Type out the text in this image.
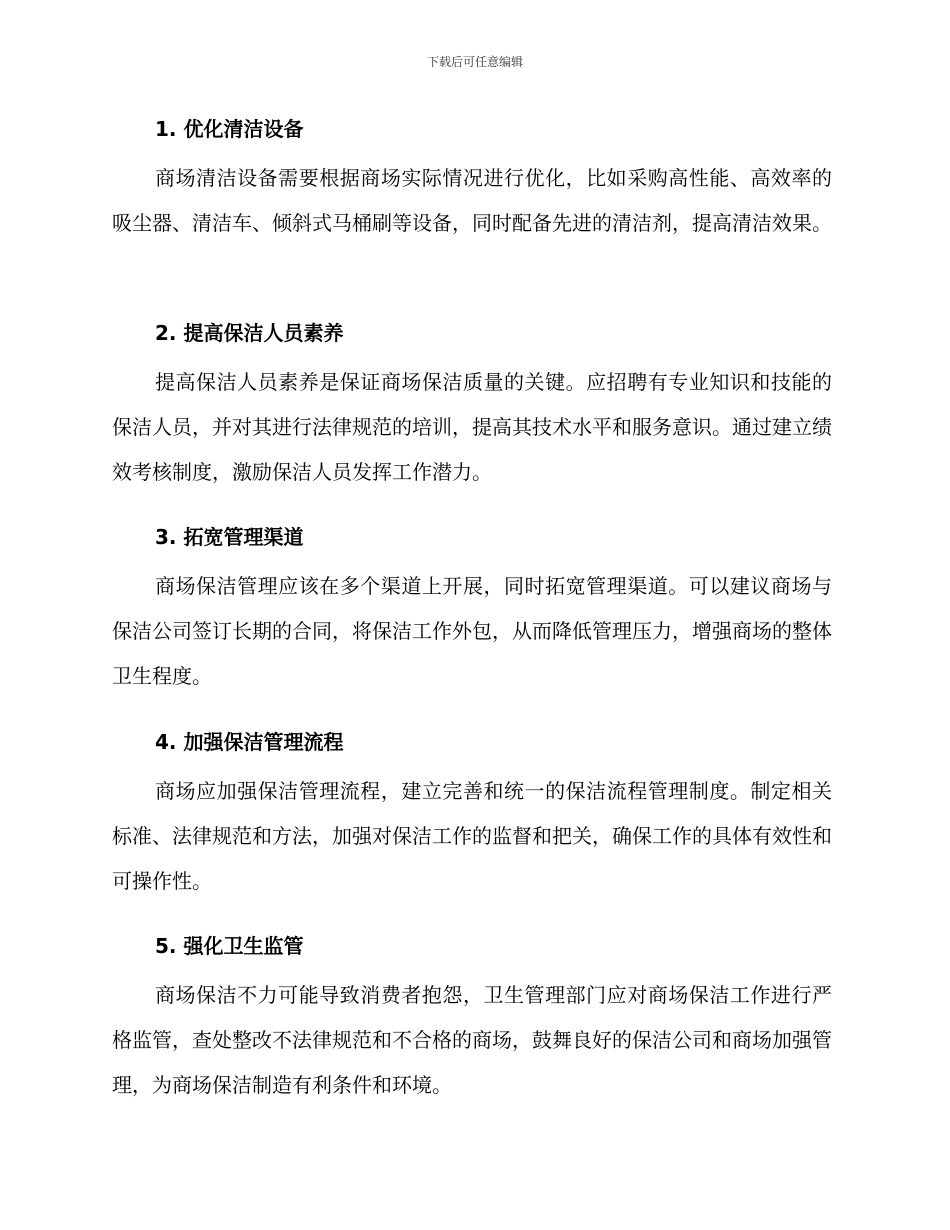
下载后可任意编辑
1. 优化清洁设备

商场清洁设备需要根据商场实际情况进行优化，比如采购高性能、高效率的吸尘器、清洁车、倾斜式马桶刷等设备，同时配备先进的清洁剂，提高清洁效果。

2. 提高保洁人员素养

提高保洁人员素养是保证商场保洁质量的关键。应招聘有专业知识和技能的保洁人员，并对其进行法律规范的培训，提高其技术水平和服务意识。通过建立绩效考核制度，激励保洁人员发挥工作潜力。

3. 拓宽管理渠道

商场保洁管理应该在多个渠道上开展，同时拓宽管理渠道。可以建议商场与保洁公司签订长期的合同，将保洁工作外包，从而降低管理压力，增强商场的整体卫生程度。

4. 加强保洁管理流程

商场应加强保洁管理流程，建立完善和统一的保洁流程管理制度。制定相关标准、法律规范和方法，加强对保洁工作的监督和把关，确保工作的具体有效性和可操作性。

5. 强化卫生监管

商场保洁不力可能导致消费者抱怨，卫生管理部门应对商场保洁工作进行严格监管，查处整改不法律规范和不合格的商场，鼓舞良好的保洁公司和商场加强管理，为商场保洁制造有利条件和环境。
